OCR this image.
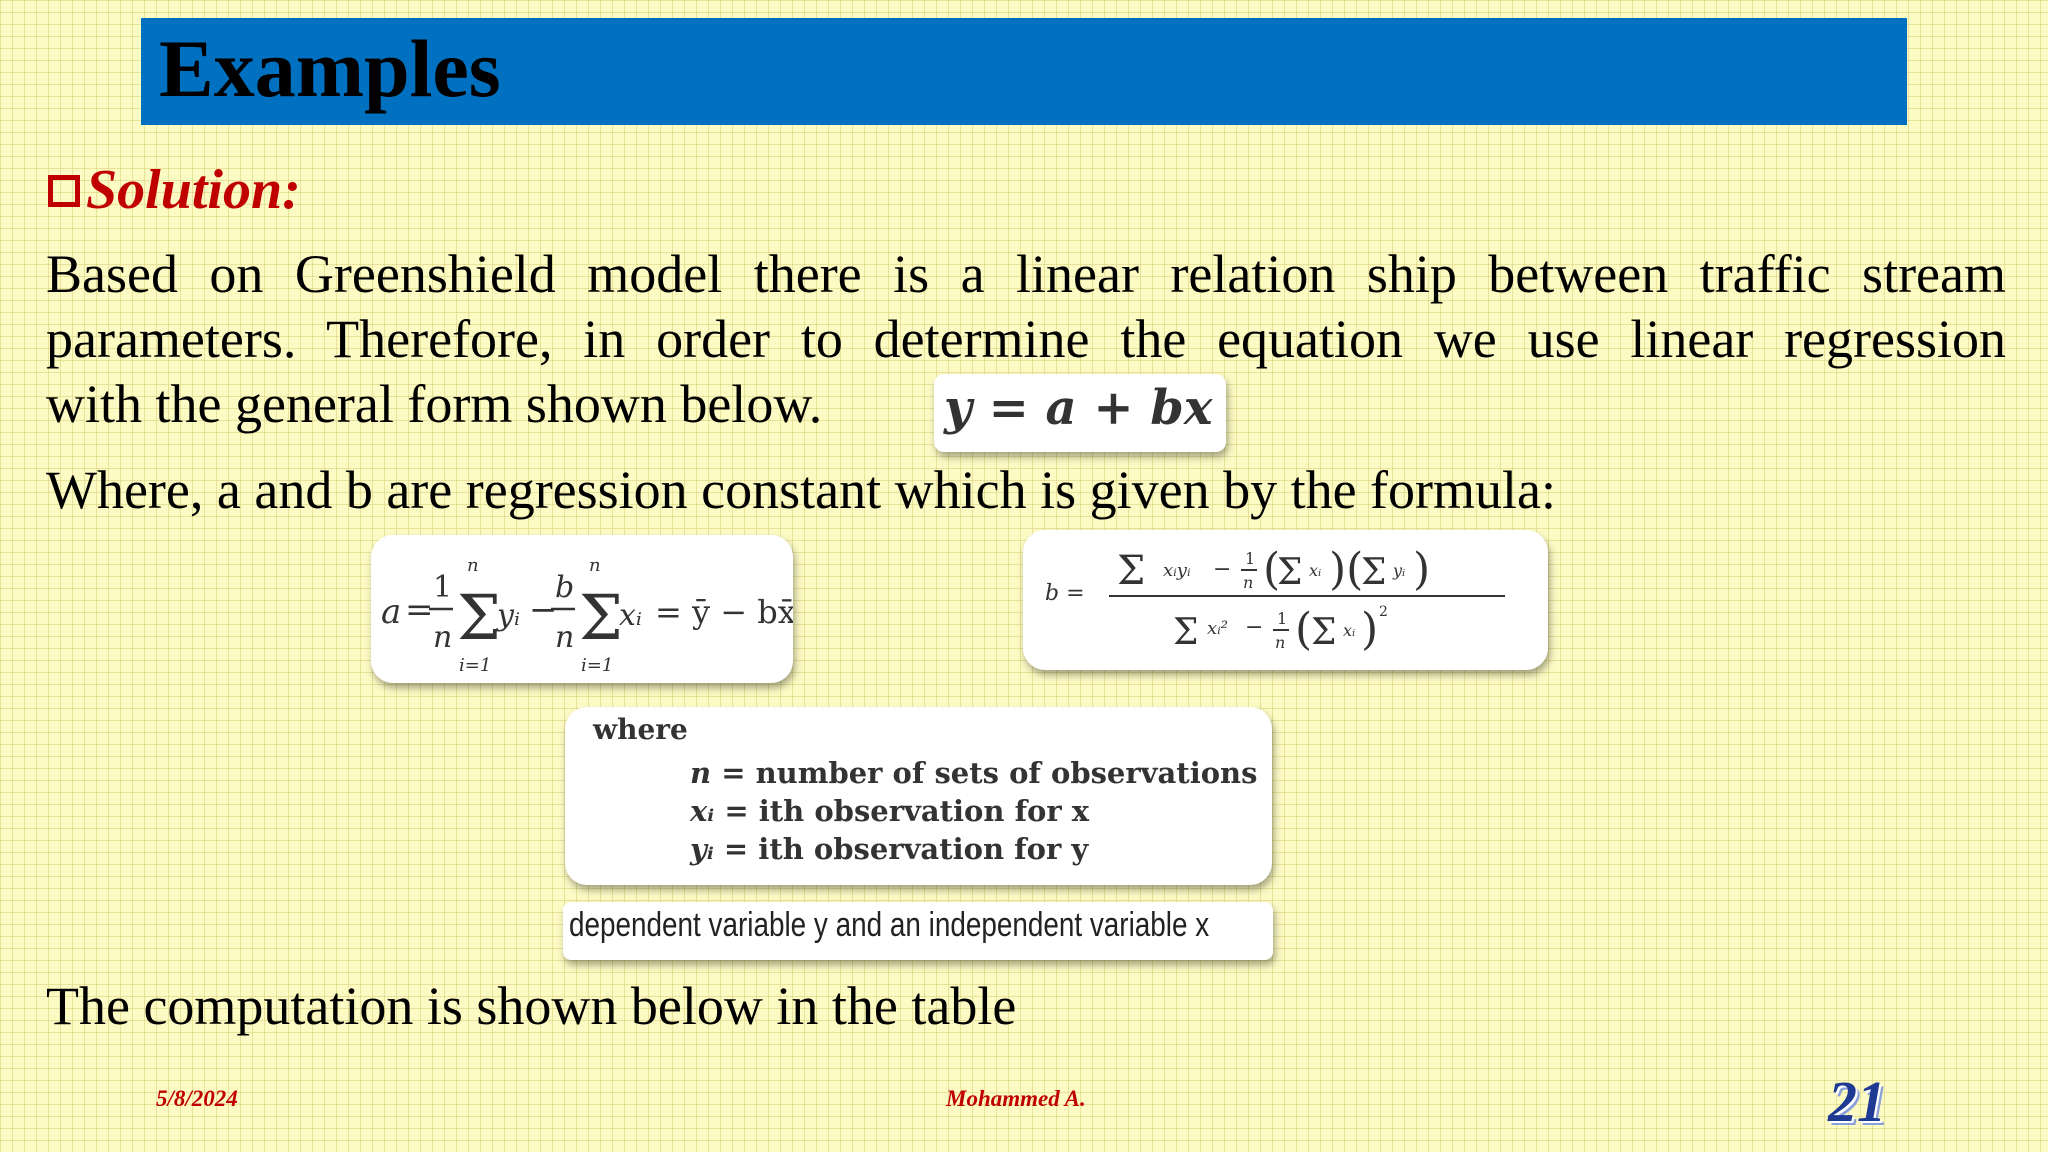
Examples
Solution:
Based on Greenshield model there is a linear relation ship between traffic stream
parameters. Therefore, in order to determine the equation we use linear regression
with the general form shown below.	y = a + bx
Where, a and b are regression constant which is given by the formula:
a =
1
n Σ
n
i=1
yᵢ −
b
n Σ
n
i=1
xᵢ = ȳ − bx̄	b = Σ xᵢyᵢ − 1
n (
Σ xᵢ )(
Σ yᵢ )
Σ xᵢ² − 1
n (
Σ xᵢ ) 2
where
n = number of sets of observations
xᵢ = ith observation for x
yᵢ = ith observation for y
dependent variable y and an independent variable x
The computation is shown below in the table
5/8/2024	Mohammed A.	21
